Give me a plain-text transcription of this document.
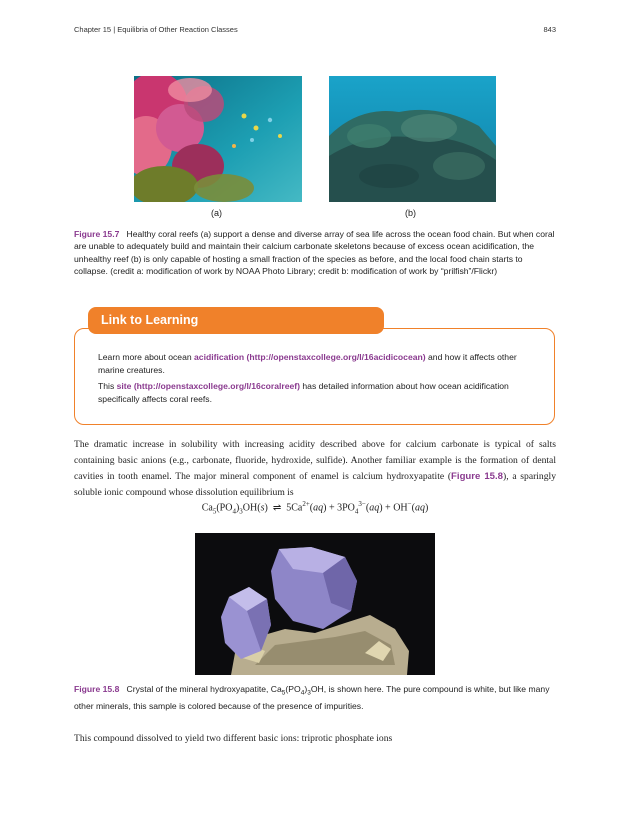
Chapter 15 | Equilibria of Other Reaction Classes	843
(a)	(b)
Figure 15.7 Healthy coral reefs (a) support a dense and diverse array of sea life across the ocean food chain. But when coral are unable to adequately build and maintain their calcium carbonate skeletons because of excess ocean acidification, the unhealthy reef (b) is only capable of hosting a small fraction of the species as before, and the local food chain starts to collapse. (credit a: modification of work by NOAA Photo Library; credit b: modification of work by “prilfish”/Flickr)
Link to Learning
Learn more about ocean acidification (http://openstaxcollege.org/l/16acidicocean) and how it affects other marine creatures.
This site (http://openstaxcollege.org/l/16coralreef) has detailed information about how ocean acidification specifically affects coral reefs.
The dramatic increase in solubility with increasing acidity described above for calcium carbonate is typical of salts containing basic anions (e.g., carbonate, fluoride, hydroxide, sulfide). Another familiar example is the formation of dental cavities in tooth enamel. The major mineral component of enamel is calcium hydroxyapatite (Figure 15.8), a sparingly soluble ionic compound whose dissolution equilibrium is
$Ca_5(PO_4)_3OH(s)$ ⇌ $5Ca^{2+}(aq) + 3PO_4^{3-}(aq) + OH^-(aq)$
Figure 15.8 Crystal of the mineral hydroxyapatite, $Ca_5(PO_4)_3OH$, is shown here. The pure compound is white, but like many other minerals, this sample is colored because of the presence of impurities.
This compound dissolved to yield two different basic ions: triprotic phosphate ions
